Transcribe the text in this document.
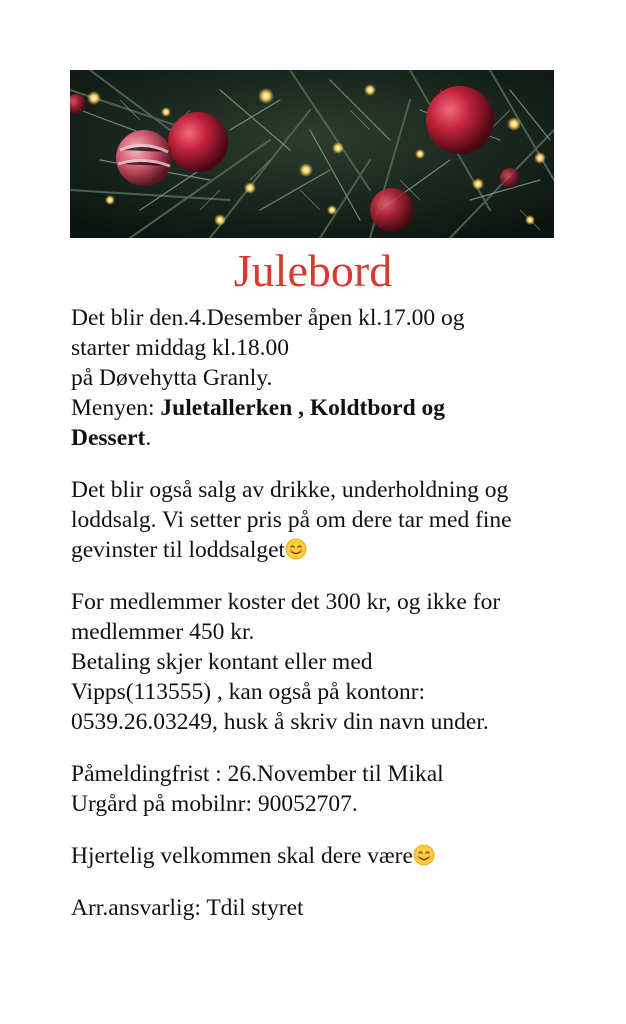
Julebord

Det blir den.4.Desember åpen kl.17.00 og
starter middag kl.18.00
på Døvehytta Granly.
Menyen: Juletallerken , Koldtbord og
Dessert.

Det blir også salg av drikke, underholdning og
loddsalg. Vi setter pris på om dere tar med fine
gevinster til loddsalget

For medlemmer koster det 300 kr, og ikke for
medlemmer 450 kr.
Betaling skjer kontant eller med
Vipps(113555) , kan også på kontonr:
0539.26.03249, husk å skriv din navn under.

Påmeldingfrist : 26.November til Mikal
Urgård på mobilnr: 90052707.

Hjertelig velkommen skal dere være

Arr.ansvarlig: Tdil styret
